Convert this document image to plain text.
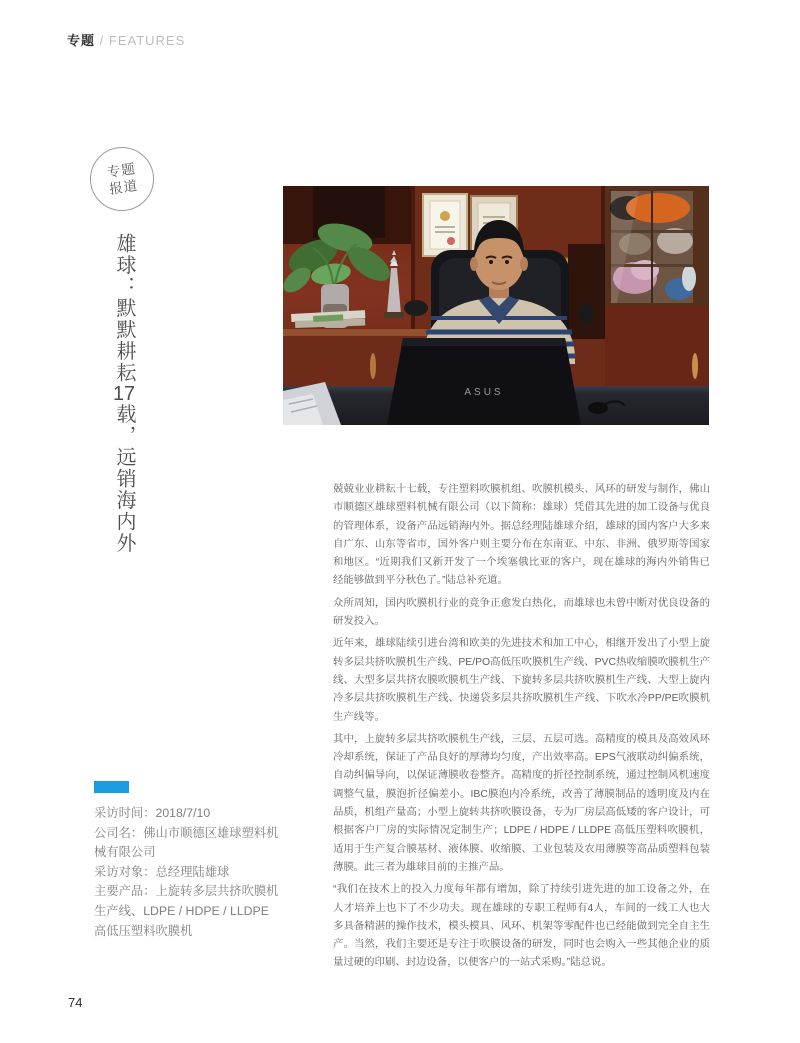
专题 / FEATURES
专题
报道
雄球：默默耕耘17载，远销海内外
ASUS

兢兢业业耕耘十七载，专注塑料吹膜机组、吹膜机模头、风环的研发与制作，佛山市顺德区雄球塑料机械有限公司（以下简称：雄球）凭借其先进的加工设备与优良的管理体系，设备产品远销海内外。据总经理陆雄球介绍，雄球的国内客户大多来自广东、山东等省市，国外客户则主要分布在东南亚、中东、非洲、俄罗斯等国家和地区。“近期我们又新开发了一个埃塞俄比亚的客户，现在雄球的海内外销售已经能够做到平分秋色了。”陆总补充道。

众所周知，国内吹膜机行业的竞争正愈发白热化，而雄球也未曾中断对优良设备的研发投入。

近年来，雄球陆续引进台湾和欧美的先进技术和加工中心，相继开发出了小型上旋转多层共挤吹膜机生产线、PE/PO高低压吹膜机生产线、PVC热收缩膜吹膜机生产线、大型多层共挤农膜吹膜机生产线、下旋转多层共挤吹膜机生产线、大型上旋内冷多层共挤吹膜机生产线、快递袋多层共挤吹膜机生产线、下吹水冷PP/PE吹膜机生产线等。

其中，上旋转多层共挤吹膜机生产线，三层、五层可选。高精度的模具及高效风环冷却系统，保证了产品良好的厚薄均匀度，产出效率高。EPS气液联动纠偏系统，自动纠偏导向，以保证薄膜收卷整齐。高精度的折径控制系统，通过控制风机速度调整气量，膜泡折径偏差小。IBC膜泡内冷系统，改善了薄膜制品的透明度及内在品质，机组产量高；小型上旋转共挤吹膜设备，专为厂房层高低矮的客户设计，可根据客户厂房的实际情况定制生产；LDPE / HDPE / LLDPE 高低压塑料吹膜机，适用于生产复合膜基材、液体膜、收缩膜、工业包装及农用薄膜等高品质塑料包装薄膜。此三者为雄球目前的主推产品。

“我们在技术上的投入力度每年都有增加，除了持续引进先进的加工设备之外，在人才培养上也下了不少功夫。现在雄球的专职工程师有4人，车间的一线工人也大多具备精湛的操作技术，模头模具、风环、机架等零配件也已经能做到完全自主生产。当然，我们主要还是专注于吹膜设备的研发，同时也会购入一些其他企业的质量过硬的印刷、封边设备，以便客户的一站式采购。”陆总说。

采访时间：2018/7/10
公司名：佛山市顺德区雄球塑料机械有限公司
采访对象：总经理陆雄球
主要产品：上旋转多层共挤吹膜机生产线、LDPE / HDPE / LLDPE 高低压塑料吹膜机
74
